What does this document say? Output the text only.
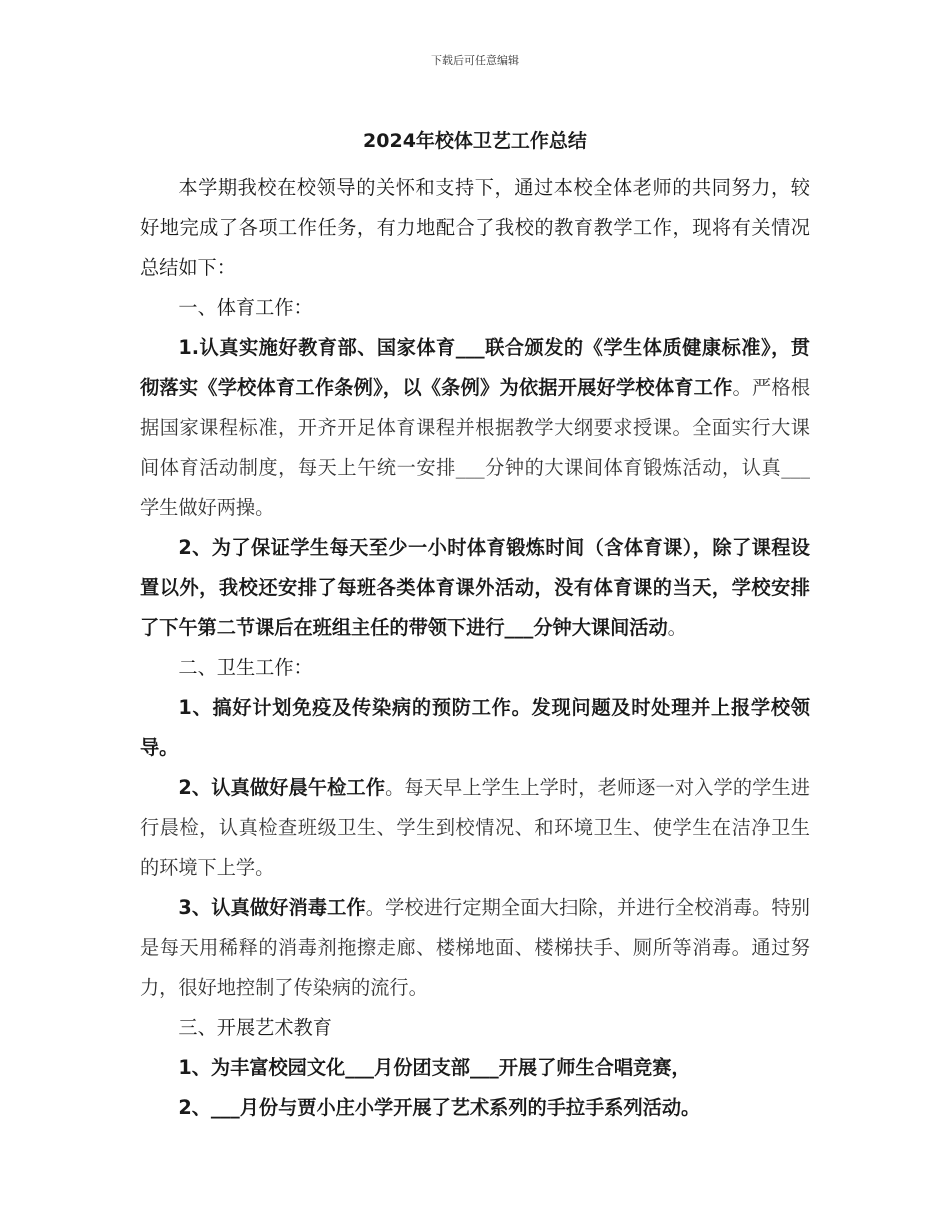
下载后可任意编辑
2024年校体卫艺工作总结

本学期我校在校领导的关怀和支持下，通过本校全体老师的共同努力，较好地完成了各项工作任务，有力地配合了我校的教育教学工作，现将有关情况总结如下：

一、体育工作：

1.认真实施好教育部、国家体育___联合颁发的《学生体质健康标准》，贯彻落实《学校体育工作条例》，以《条例》为依据开展好学校体育工作。严格根据国家课程标准，开齐开足体育课程并根据教学大纲要求授课。全面实行大课间体育活动制度，每天上午统一安排___分钟的大课间体育锻炼活动，认真___学生做好两操。

2、为了保证学生每天至少一小时体育锻炼时间（含体育课），除了课程设置以外，我校还安排了每班各类体育课外活动，没有体育课的当天，学校安排了下午第二节课后在班组主任的带领下进行___分钟大课间活动。

二、卫生工作：

1、搞好计划免疫及传染病的预防工作。发现问题及时处理并上报学校领导。

2、认真做好晨午检工作。每天早上学生上学时，老师逐一对入学的学生进行晨检，认真检查班级卫生、学生到校情况、和环境卫生、使学生在洁净卫生的环境下上学。

3、认真做好消毒工作。学校进行定期全面大扫除，并进行全校消毒。特别是每天用稀释的消毒剂拖擦走廊、楼梯地面、楼梯扶手、厕所等消毒。通过努力，很好地控制了传染病的流行。

三、开展艺术教育

1、为丰富校园文化___月份团支部___开展了师生合唱竞赛，

2、___月份与贾小庄小学开展了艺术系列的手拉手系列活动。
